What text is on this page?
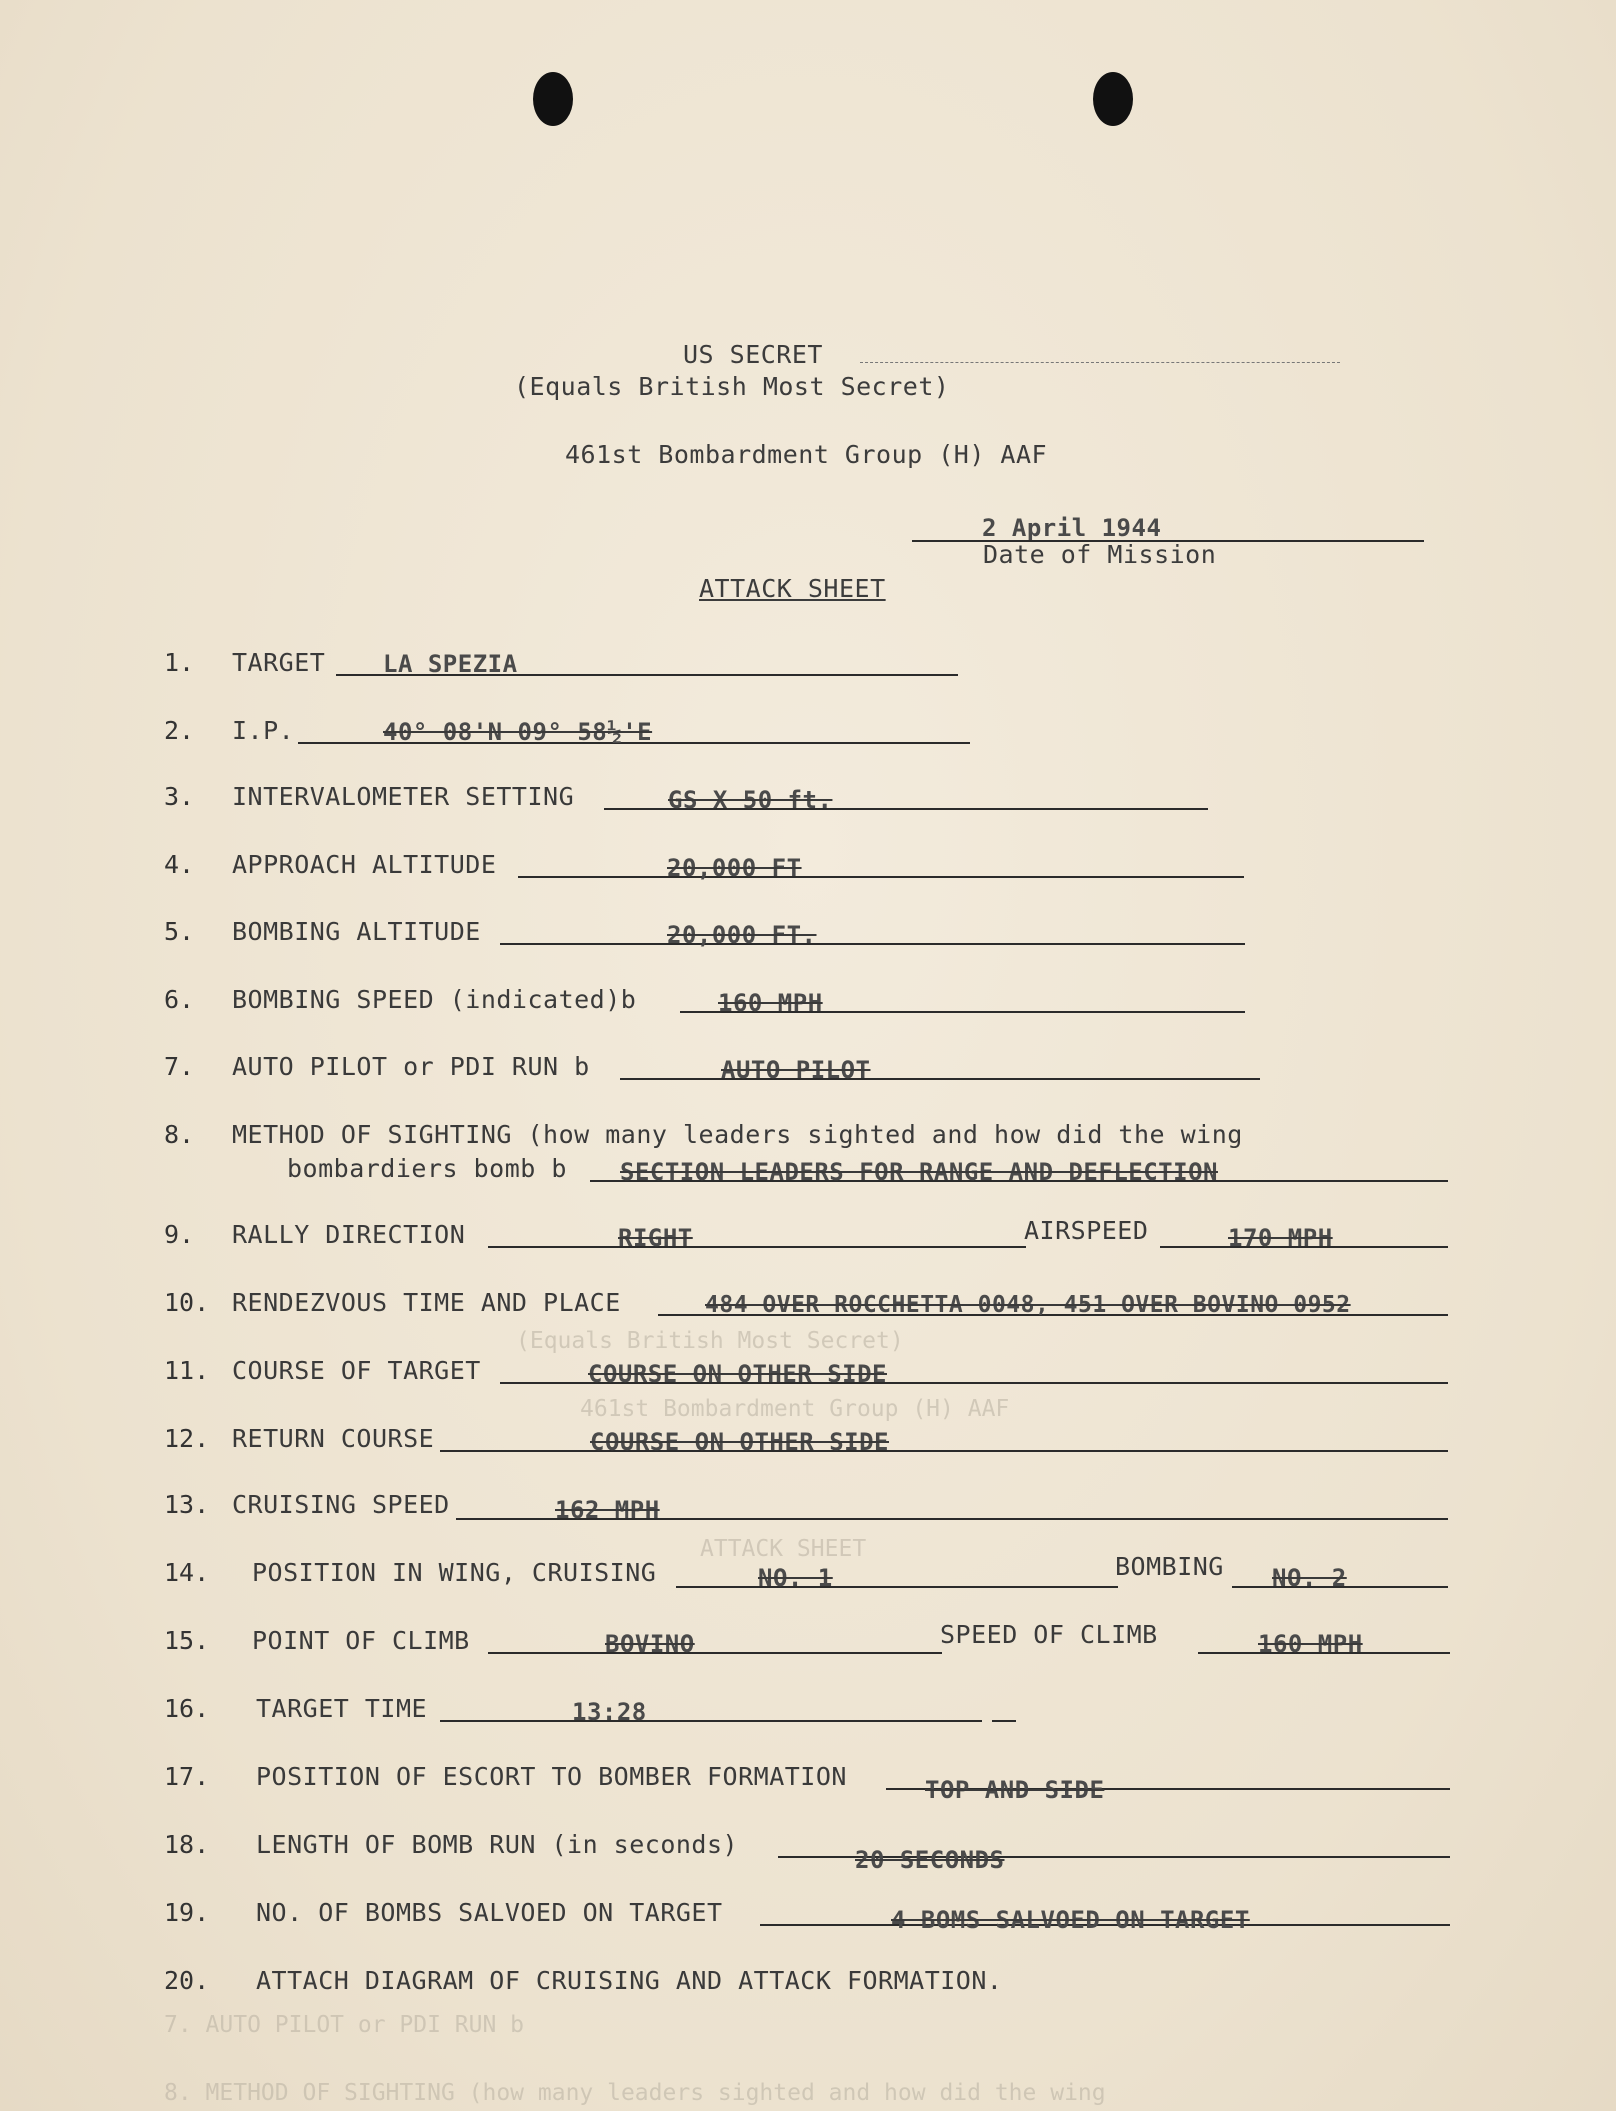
US SECRET
(Equals British Most Secret)
461st Bombardment Group (H) AAF
2 April 1944
Date of Mission
ATTACK SHEET
1. TARGET LA SPEZIA
2. I.P.	40° 08'N 09° 58½'E
3. INTERVALOMETER SETTING	GS X 50 ft.
4. APPROACH ALTITUDE	20,000 FT
5. BOMBING ALTITUDE	20,000 FT.
6. BOMBING SPEED (indicated)b	160 MPH
7. AUTO PILOT or PDI RUN b	AUTO PILOT
8. METHOD OF SIGHTING (how many leaders sighted and how did the wing
bombardiers bomb b SECTION LEADERS FOR RANGE AND DEFLECTION
9. RALLY DIRECTION	RIGHT	AIRSPEED	170 MPH
10. RENDEZVOUS TIME AND PLACE	484 OVER ROCCHETTA 0048, 451 OVER BOVINO 0952
11. COURSE OF TARGET	COURSE ON OTHER SIDE
12. RETURN COURSE	COURSE ON OTHER SIDE
13. CRUISING SPEED	162 MPH
14. POSITION IN WING, CRUISING	NO. 1	BOMBING NO. 2
15. POINT OF CLIMB	BOVINO	SPEED OF CLIMB	160 MPH
16. TARGET TIME	13:28
17. POSITION OF ESCORT TO BOMBER FORMATION	TOP AND SIDE
18. LENGTH OF BOMB RUN (in seconds)
20 SECONDS
19. NO. OF BOMBS SALVOED ON TARGET	4 BOMS SALVOED ON TARGET
20. ATTACH DIAGRAM OF CRUISING AND ATTACK FORMATION.
(Equals British Most Secret)
461st Bombardment Group (H) AAF
ATTACK SHEET
7. AUTO PILOT or PDI RUN b
8. METHOD OF SIGHTING (how many leaders sighted and how did the wing
